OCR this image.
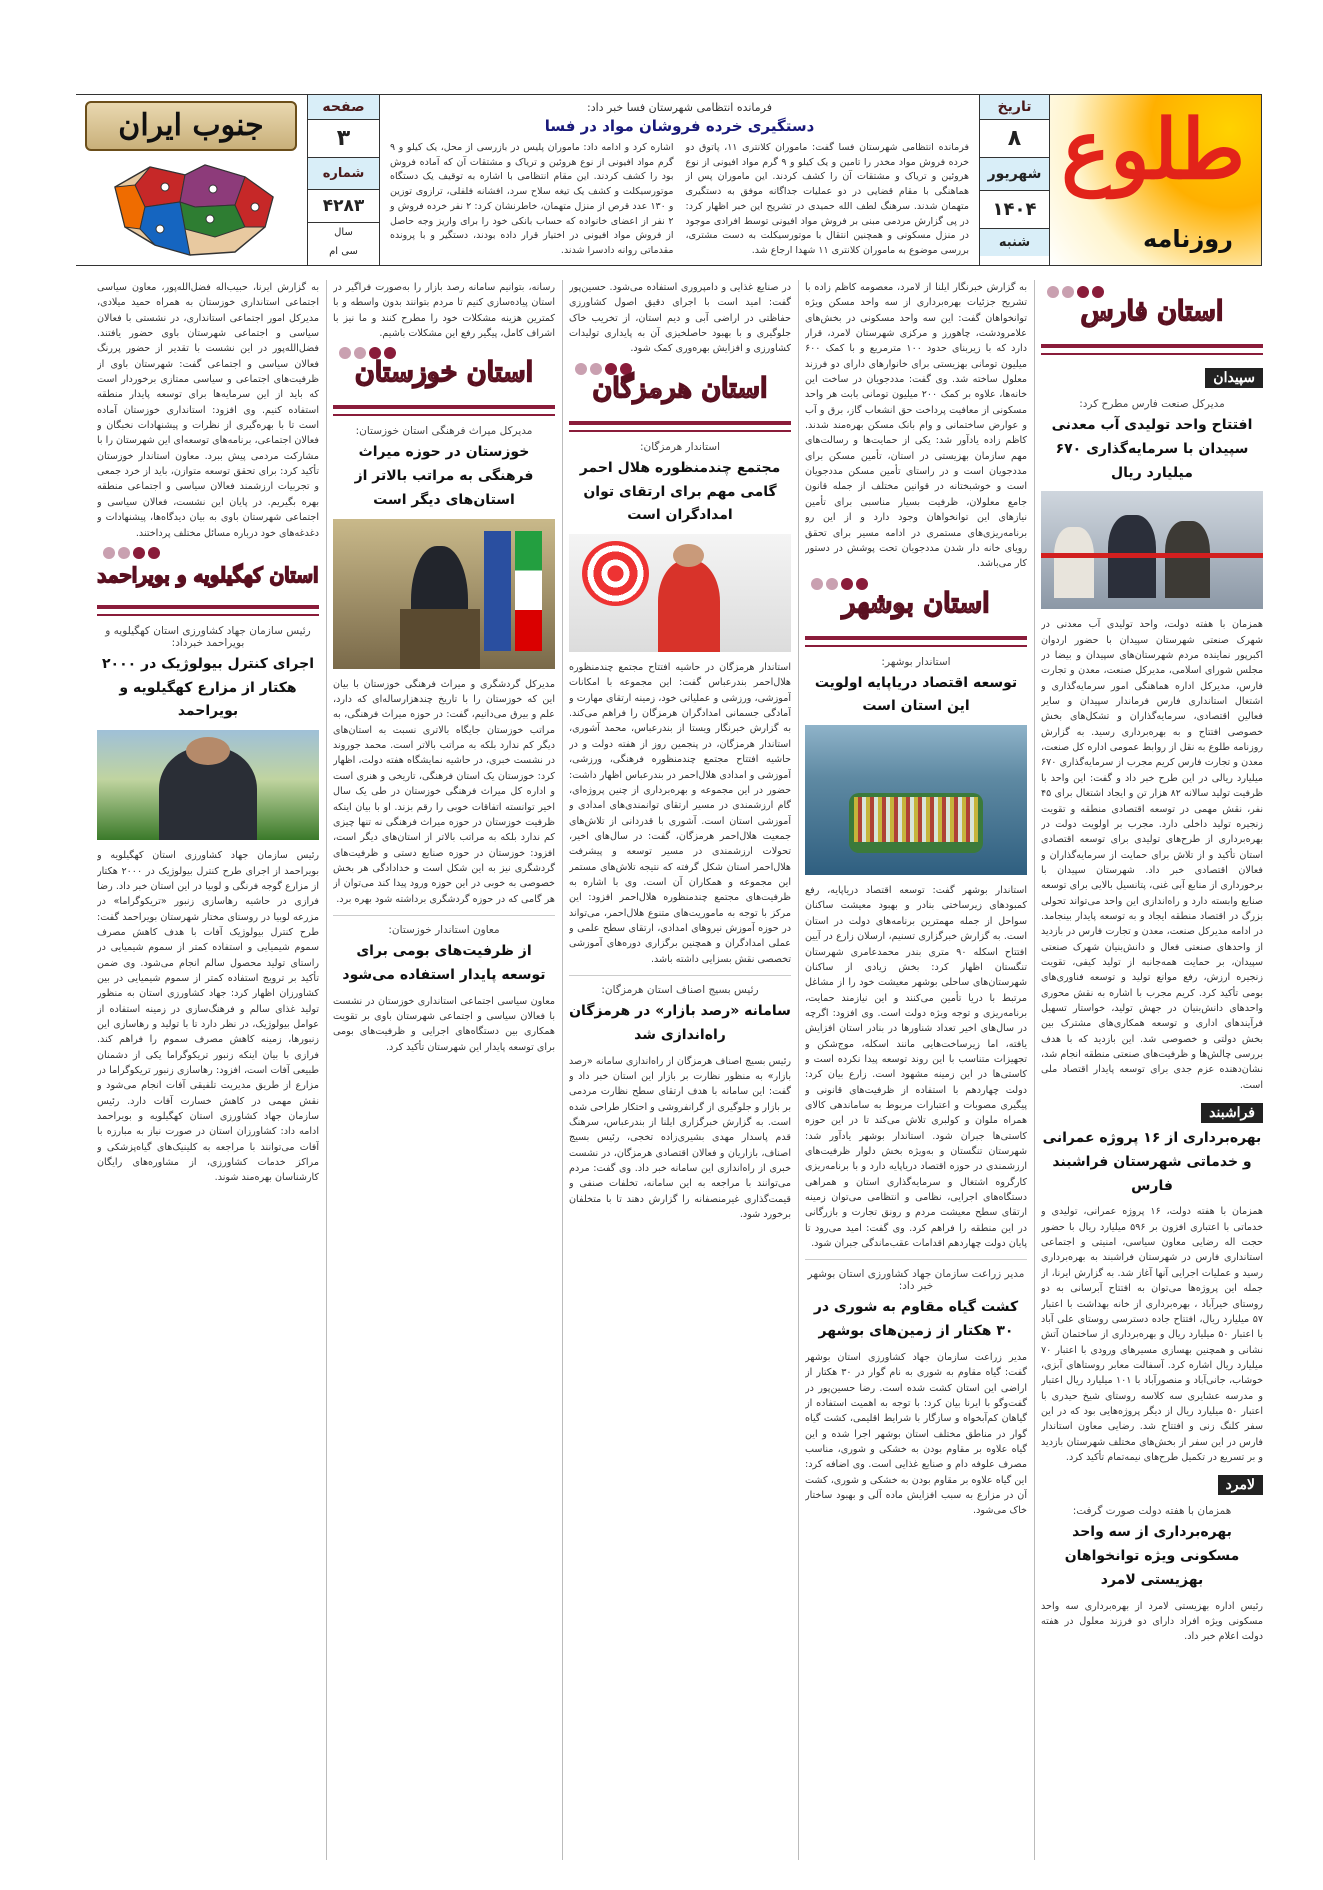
طلوع
روزنامه
تاریخ
۸
شهریور
۱۴۰۴
شنبه
فرمانده انتظامی شهرستان فسا خبر داد:
دستگیری خرده فروشان مواد در فسا

فرمانده انتظامی شهرستان فسا گفت: ماموران کلانتری ۱۱، پاتوق دو خرده فروش مواد مخدر را تامین و یک کیلو و ۹ گرم مواد افیونی از نوع هروئین و تریاک و مشتقات آن را کشف کردند. این ماموران پس از هماهنگی با مقام قضایی در دو عملیات جداگانه موفق به دستگیری متهمان شدند. سرهنگ لطف الله حمیدی در تشریح این خبر اظهار کرد: در پی گزارش مردمی مبنی بر فروش مواد افیونی توسط افرادی موجود در منزل مسکونی و همچنین انتقال با موتورسیکلت به دست مشتری، بررسی موضوع به ماموران کلانتری ۱۱ شهدا ارجاع شد.

اشاره کرد و ادامه داد: ماموران پلیس در بازرسی از محل، یک کیلو و ۹ گرم مواد افیونی از نوع هروئین و تریاک و مشتقات آن که آماده فروش بود را کشف کردند. این مقام انتظامی با اشاره به توقیف یک دستگاه موتورسیکلت و کشف یک تیغه سلاح سرد، افشانه فلفلی، ترازوی توزین و ۱۳۰ عدد قرص از منزل متهمان، خاطرنشان کرد: ۲ نفر خرده فروش و ۲ نفر از اعضای خانواده که حساب بانکی خود را برای واریز وجه حاصل از فروش مواد افیونی در اختیار قرار داده بودند، دستگیر و با پرونده مقدماتی روانه دادسرا شدند.

صفحه
۳
شماره
۴۲۸۳
سال
سی ام
جنوب ایران
استان فارس
سپیدان
مدیرکل صنعت فارس مطرح کرد:
افتتاح واحد تولیدی آب معدنی سپیدان با سرمایه‌گذاری ۶۷۰ میلیارد ریال

همزمان با هفته دولت، واحد تولیدی آب معدنی در شهرک صنعتی شهرستان سپیدان با حضور اردوان اکبرپور نماینده مردم شهرستان‌های سپیدان و بیضا در مجلس شورای اسلامی، مدیرکل صنعت، معدن و تجارت فارس، مدیرکل اداره هماهنگی امور سرمایه‌گذاری و اشتغال استانداری فارس فرماندار سپیدان و سایر فعالین اقتصادی، سرمایه‌گذاران و تشکل‌های بخش خصوصی افتتاح و به بهره‌برداری رسید. به گزارش روزنامه طلوع به نقل از روابط عمومی اداره کل صنعت، معدن و تجارت فارس کریم مجرب از سرمایه‌گذاری ۶۷۰ میلیارد ریالی در این طرح خبر داد و گفت: این واحد با ظرفیت تولید سالانه ۸۲ هزار تن و ایجاد اشتغال برای ۴۵ نفر، نقش مهمی در توسعه اقتصادی منطقه و تقویت زنجیره تولید داخلی دارد. مجرب بر اولویت دولت در بهره‌برداری از طرح‌های تولیدی برای توسعه اقتصادی استان تأکید و از تلاش برای حمایت از سرمایه‌گذاران و فعالان اقتصادی خبر داد. شهرستان سپیدان با برخورداری از منابع آبی غنی، پتانسیل بالایی برای توسعه صنایع وابسته دارد و راه‌اندازی این واحد می‌تواند تحولی بزرگ در اقتصاد منطقه ایجاد و به توسعه پایدار بینجامد. در ادامه مدیرکل صنعت، معدن و تجارت فارس در بازدید از واحدهای صنعتی فعال و دانش‌بنیان شهرک صنعتی سپیدان، بر حمایت همه‌جانبه از تولید کیفی، تقویت زنجیره ارزش، رفع موانع تولید و توسعه فناوری‌های بومی تأکید کرد. کریم مجرب با اشاره به نقش محوری واحدهای دانش‌بنیان در جهش تولید، خواستار تسهیل فرآیندهای اداری و توسعه همکاری‌های مشترک بین بخش دولتی و خصوصی شد. این بازدید که با هدف بررسی چالش‌ها و ظرفیت‌های صنعتی منطقه انجام شد، نشان‌دهنده عزم جدی برای توسعه پایدار اقتصاد ملی است.

فراشبند
بهره‌برداری از ۱۶ پروژه عمرانی و خدماتی شهرستان فراشبند فارس

همزمان با هفته دولت، ۱۶ پروژه عمرانی، تولیدی و خدماتی با اعتباری افزون بر ۵۹۶ میلیارد ریال با حضور حجت اله رضایی معاون سیاسی، امنیتی و اجتماعی استانداری فارس در شهرستان فراشبند به بهره‌برداری رسید و عملیات اجرایی آنها آغاز شد. به گزارش ایرنا، از جمله این پروژه‌ها می‌توان به افتتاح آبرسانی به دو روستای خیرآباد ، بهره‌برداری از خانه بهداشت با اعتبار ۵۷ میلیارد ریال، افتتاح جاده دسترسی روستای علی آباد با اعتبار ۵۰ میلیارد ریال و بهره‌برداری از ساختمان آتش نشانی و همچنین بهسازی مسیرهای ورودی با اعتبار ۷۰ میلیارد ریال اشاره کرد. آسفالت معابر روستاهای آبزی، خوشاب، جانی‌آباد و منصورآباد با ۱۰۱ میلیارد ریال اعتبار و مدرسه عشایری سه کلاسه روستای شیخ حیدری با اعتبار ۵۰ میلیارد ریال از دیگر پروژه‌هایی بود که در این سفر کلنگ زنی و افتتاح شد. رضایی معاون استاندار فارس در این سفر از بخش‌های مختلف شهرستان بازدید و بر تسریع در تکمیل طرح‌های نیمه‌تمام تأکید کرد.

لامرد
همزمان با هفته دولت صورت گرفت:
بهره‌برداری از سه واحد مسکونی ویژه توانخواهان بهزیستی لامرد

رئیس اداره بهزیستی لامرد از بهره‌برداری سه واحد مسکونی ویژه افراد دارای دو فرزند معلول در هفته دولت اعلام خبر داد.

به گزارش خبرنگار ایلنا از لامرد، معصومه کاظم زاده با تشریح جزئیات بهره‌برداری از سه واحد مسکن ویژه توانخواهان گفت: این سه واحد مسکونی در بخش‌های علامرودشت، چاهورز و مرکزی شهرستان لامرد، قرار دارد که با زیربنای حدود ۱۰۰ مترمربع و با کمک ۶۰۰ میلیون تومانی بهزیستی برای خانوارهای دارای دو فرزند معلول ساخته شد. وی گفت: مددجویان در ساخت این خانه‌ها، علاوه بر کمک ۲۰۰ میلیون تومانی بابت هر واحد مسکونی از معافیت پرداخت حق انشعاب گاز، برق و آب و عوارض ساختمانی و وام بانک مسکن بهره‌مند شدند. کاظم زاده یادآور شد: یکی از حمایت‌ها و رسالت‌های مهم سازمان بهزیستی در استان، تأمین مسکن برای مددجویان است و در راستای تأمین مسکن مددجویان است و خوشبختانه در قوانین مختلف از جمله قانون جامع معلولان، ظرفیت بسیار مناسبی برای تأمین نیازهای این توانخواهان وجود دارد و از این رو برنامه‌ریزی‌های مستمری در ادامه مسیر برای تحقق رویای خانه دار شدن مددجویان تحت پوشش در دستور کار می‌باشد.

استان بوشهر
استاندار بوشهر:
توسعه اقتصاد دریاپایه اولویت این استان است

استاندار بوشهر گفت: توسعه اقتصاد دریاپایه، رفع کمبودهای زیرساختی بنادر و بهبود معیشت ساکنان سواحل از جمله مهمترین برنامه‌های دولت در استان است. به گزارش خبرگزاری تسنیم، ارسلان زارع در آیین افتتاح اسکله ۹۰ متری بندر محمدعامری شهرستان تنگستان اظهار کرد: بخش زیادی از ساکنان شهرستان‌های ساحلی بوشهر معیشت خود را از مشاغل مرتبط با دریا تأمین می‌کنند و این نیازمند حمایت، برنامه‌ریزی و توجه ویژه دولت است. وی افزود: اگرچه در سال‌های اخیر تعداد شناورها در بنادر استان افزایش یافته، اما زیرساخت‌هایی مانند اسکله، موج‌شکن و تجهیزات متناسب با این روند توسعه پیدا نکرده است و کاستی‌ها در این زمینه مشهود است. زارع بیان کرد: دولت چهاردهم با استفاده از ظرفیت‌های قانونی و پیگیری مصوبات و اعتبارات مربوط به ساماندهی کالای همراه ملوان و کولبری تلاش می‌کند تا در این حوزه کاستی‌ها جبران شود. استاندار بوشهر یادآور شد: شهرستان تنگستان و به‌ویژه بخش دلوار ظرفیت‌های ارزشمندی در حوزه اقتصاد دریاپایه دارد و با برنامه‌ریزی کارگروه اشتغال و سرمایه‌گذاری استان و همراهی دستگاه‌های اجرایی، نظامی و انتظامی می‌توان زمینه ارتقای سطح معیشت مردم و رونق تجارت و بازرگانی در این منطقه را فراهم کرد. وی گفت: امید می‌رود تا پایان دولت چهاردهم اقدامات عقب‌ماندگی جبران شود.

مدیر زراعت سازمان جهاد کشاورزی استان بوشهر خبر داد:
کشت گیاه مقاوم به شوری در ۳۰ هکتار از زمین‌های بوشهر

مدیر زراعت سازمان جهاد کشاورزی استان بوشهر گفت: گیاه مقاوم به شوری به نام گوار در ۳۰ هکتار از اراضی این استان کشت شده است. رضا حسین‌پور در گفت‌وگو با ایرنا بیان کرد: با توجه به اهمیت استفاده از گیاهان کم‌آبخواه و سازگار با شرایط اقلیمی، کشت گیاه گوار در مناطق مختلف استان بوشهر اجرا شده و این گیاه علاوه بر مقاوم بودن به خشکی و شوری، مناسب مصرف علوفه دام و صنایع غذایی است. وی اضافه کرد: این گیاه علاوه بر مقاوم بودن به خشکی و شوری، کشت آن در مزارع به سبب افزایش ماده آلی و بهبود ساختار خاک می‌شود.

در صنایع غذایی و دامپروری استفاده می‌شود. حسین‌پور گفت: امید است با اجرای دقیق اصول کشاورزی حفاظتی در اراضی آبی و دیم استان، از تخریب خاک جلوگیری و با بهبود حاصلخیزی آن به پایداری تولیدات کشاورزی و افزایش بهره‌وری کمک شود.

استان هرمزگان
استاندار هرمزگان:
مجتمع چندمنظوره هلال احمر گامی مهم برای ارتقای توان امدادگران است

استاندار هرمزگان در حاشیه افتتاح مجتمع چندمنظوره هلال‌احمر بندرعباس گفت: این مجموعه با امکانات آموزشی، ورزشی و عملیاتی خود، زمینه ارتقای مهارت و آمادگی جسمانی امدادگران هرمزگان را فراهم می‌کند. به گزارش خبرنگار ویستا از بندرعباس، محمد آشوری، استاندار هرمزگان، در پنجمین روز از هفته دولت و در حاشیه افتتاح مجتمع چندمنظوره فرهنگی، ورزشی، آموزشی و امدادی هلال‌احمر در بندرعباس اظهار داشت: حضور در این مجموعه و بهره‌برداری از چنین پروژه‌ای، گام ارزشمندی در مسیر ارتقای توانمندی‌های امدادی و آموزشی استان است. آشوری با قدردانی از تلاش‌های جمعیت هلال‌احمر هرمزگان، گفت: در سال‌های اخیر، تحولات ارزشمندی در مسیر توسعه و پیشرفت هلال‌احمر استان شکل گرفته که نتیجه تلاش‌های مستمر این مجموعه و همکاران آن است. وی با اشاره به ظرفیت‌های مجتمع چندمنظوره هلال‌احمر افزود: این مرکز با توجه به ماموریت‌های متنوع هلال‌احمر، می‌تواند در حوزه آموزش نیروهای امدادی، ارتقای سطح علمی و عملی امدادگران و همچنین برگزاری دوره‌های آموزشی تخصصی نقش بسزایی داشته باشد.

رئیس بسیج اصناف استان هرمزگان:
سامانه «رصد بازار» در هرمزگان راه‌اندازی شد

رئیس بسیج اصناف هرمزگان از راه‌اندازی سامانه «رصد بازار» به منظور نظارت بر بازار این استان خبر داد و گفت: این سامانه با هدف ارتقای سطح نظارت مردمی بر بازار و جلوگیری از گرانفروشی و احتکار طراحی شده است. به گزارش خبرگزاری ایلنا از بندرعباس، سرهنگ قدم پاسدار مهدی بشیری‌زاده تخجی، رئیس بسیج اصناف، بازاریان و فعالان اقتصادی هرمزگان، در نشست خبری از راه‌اندازی این سامانه خبر داد. وی گفت: مردم می‌توانند با مراجعه به این سامانه، تخلفات صنفی و قیمت‌گذاری غیرمنصفانه را گزارش دهند تا با متخلفان برخورد شود.

رسانه، بتوانیم سامانه رصد بازار را به‌صورت فراگیر در استان پیاده‌سازی کنیم تا مردم بتوانند بدون واسطه و با کمترین هزینه مشکلات خود را مطرح کنند و ما نیز با اشراف کامل، پیگیر رفع این مشکلات باشیم.

استان خوزستان
مدیرکل میراث فرهنگی استان خوزستان:
خوزستان در حوزه میراث فرهنگی به مراتب بالاتر از استان‌های دیگر است

مدیرکل گردشگری و میراث فرهنگی خوزستان با بیان این که خوزستان را با تاریخ چندهزارساله‌ای که دارد، علم و بیرق می‌دانیم، گفت: در حوزه میراث فرهنگی، به مراتب خوزستان جایگاه بالاتری نسبت به استان‌های دیگر کم ندارد بلکه به مراتب بالاتر است. محمد جوروند در نشست خبری، در حاشیه نمایشگاه هفته دولت، اظهار کرد: خوزستان یک استان فرهنگی، تاریخی و هنری است و اداره کل میراث فرهنگی خوزستان در طی یک سال اخیر توانسته اتفاقات خوبی را رقم بزند. او با بیان اینکه ظرفیت خوزستان در حوزه میراث فرهنگی نه تنها چیزی کم ندارد بلکه به مراتب بالاتر از استان‌های دیگر است، افزود: خوزستان در حوزه صنایع دستی و ظرفیت‌های گردشگری نیز به این شکل است و خدادادگی هر بخش خصوصی به خوبی در این حوزه ورود پیدا کند می‌توان از هر گامی که در حوزه گردشگری برداشته شود بهره برد.

معاون استاندار خوزستان:
از ظرفیت‌های بومی برای توسعه پایدار استفاده می‌شود

معاون سیاسی اجتماعی استانداری خوزستان در نشست با فعالان سیاسی و اجتماعی شهرستان باوی بر تقویت همکاری بین دستگاه‌های اجرایی و ظرفیت‌های بومی برای توسعه پایدار این شهرستان تأکید کرد.

به گزارش ایرنا، حبیب‌اله فضل‌الله‌پور، معاون سیاسی اجتماعی استانداری خوزستان به همراه حمید میلادی، مدیرکل امور اجتماعی استانداری، در نشستی با فعالان سیاسی و اجتماعی شهرستان باوی حضور یافتند. فضل‌الله‌پور در این نشست با تقدیر از حضور پررنگ فعالان سیاسی و اجتماعی گفت: شهرستان باوی از ظرفیت‌های اجتماعی و سیاسی ممتازی برخوردار است که باید از این سرمایه‌ها برای توسعه پایدار منطقه استفاده کنیم. وی افزود: استانداری خوزستان آماده است تا با بهره‌گیری از نظرات و پیشنهادات نخبگان و فعالان اجتماعی، برنامه‌های توسعه‌ای این شهرستان را با مشارکت مردمی پیش ببرد. معاون استاندار خوزستان تأکید کرد: برای تحقق توسعه متوازن، باید از خرد جمعی و تجربیات ارزشمند فعالان سیاسی و اجتماعی منطقه بهره بگیریم. در پایان این نشست، فعالان سیاسی و اجتماعی شهرستان باوی به بیان دیدگاه‌ها، پیشنهادات و دغدغه‌های خود درباره مسائل مختلف پرداختند.

استان کهگیلویه و بویراحمد
رئیس سازمان جهاد کشاورزی استان کهگیلویه و بویراحمد خبرداد:
اجرای کنترل بیولوژیک در ۲۰۰۰ هکتار از مزارع کهگیلویه و بویراحمد

رئیس سازمان جهاد کشاورزی استان کهگیلویه و بویراحمد از اجرای طرح کنترل بیولوژیک در ۲۰۰۰ هکتار از مزارع گوجه فرنگی و لوبیا در این استان خبر داد. رضا فرازی در حاشیه رهاسازی زنبور «تریکوگراما» در مزرعه لوبیا در روستای مختار شهرستان بویراحمد گفت: طرح کنترل بیولوژیک آفات با هدف کاهش مصرف سموم شیمیایی و استفاده کمتر از سموم شیمیایی در راستای تولید محصول سالم انجام می‌شود. وی ضمن تأکید بر ترویج استفاده کمتر از سموم شیمیایی در بین کشاورزان اظهار کرد: جهاد کشاورزی استان به منظور تولید غذای سالم و فرهنگ‌سازی در زمینه استفاده از عوامل بیولوژیک، در نظر دارد تا با تولید و رهاسازی این زنبورها، زمینه کاهش مصرف سموم را فراهم کند. فرازی با بیان اینکه زنبور تریکوگراما یکی از دشمنان طبیعی آفات است، افزود: رهاسازی زنبور تریکوگراما در مزارع از طریق مدیریت تلفیقی آفات انجام می‌شود و نقش مهمی در کاهش خسارت آفات دارد. رئیس سازمان جهاد کشاورزی استان کهگیلویه و بویراحمد ادامه داد: کشاورزان استان در صورت نیاز به مبارزه با آفات می‌توانند با مراجعه به کلینیک‌های گیاه‌پزشکی و مراکز خدمات کشاورزی، از مشاوره‌های رایگان کارشناسان بهره‌مند شوند.
